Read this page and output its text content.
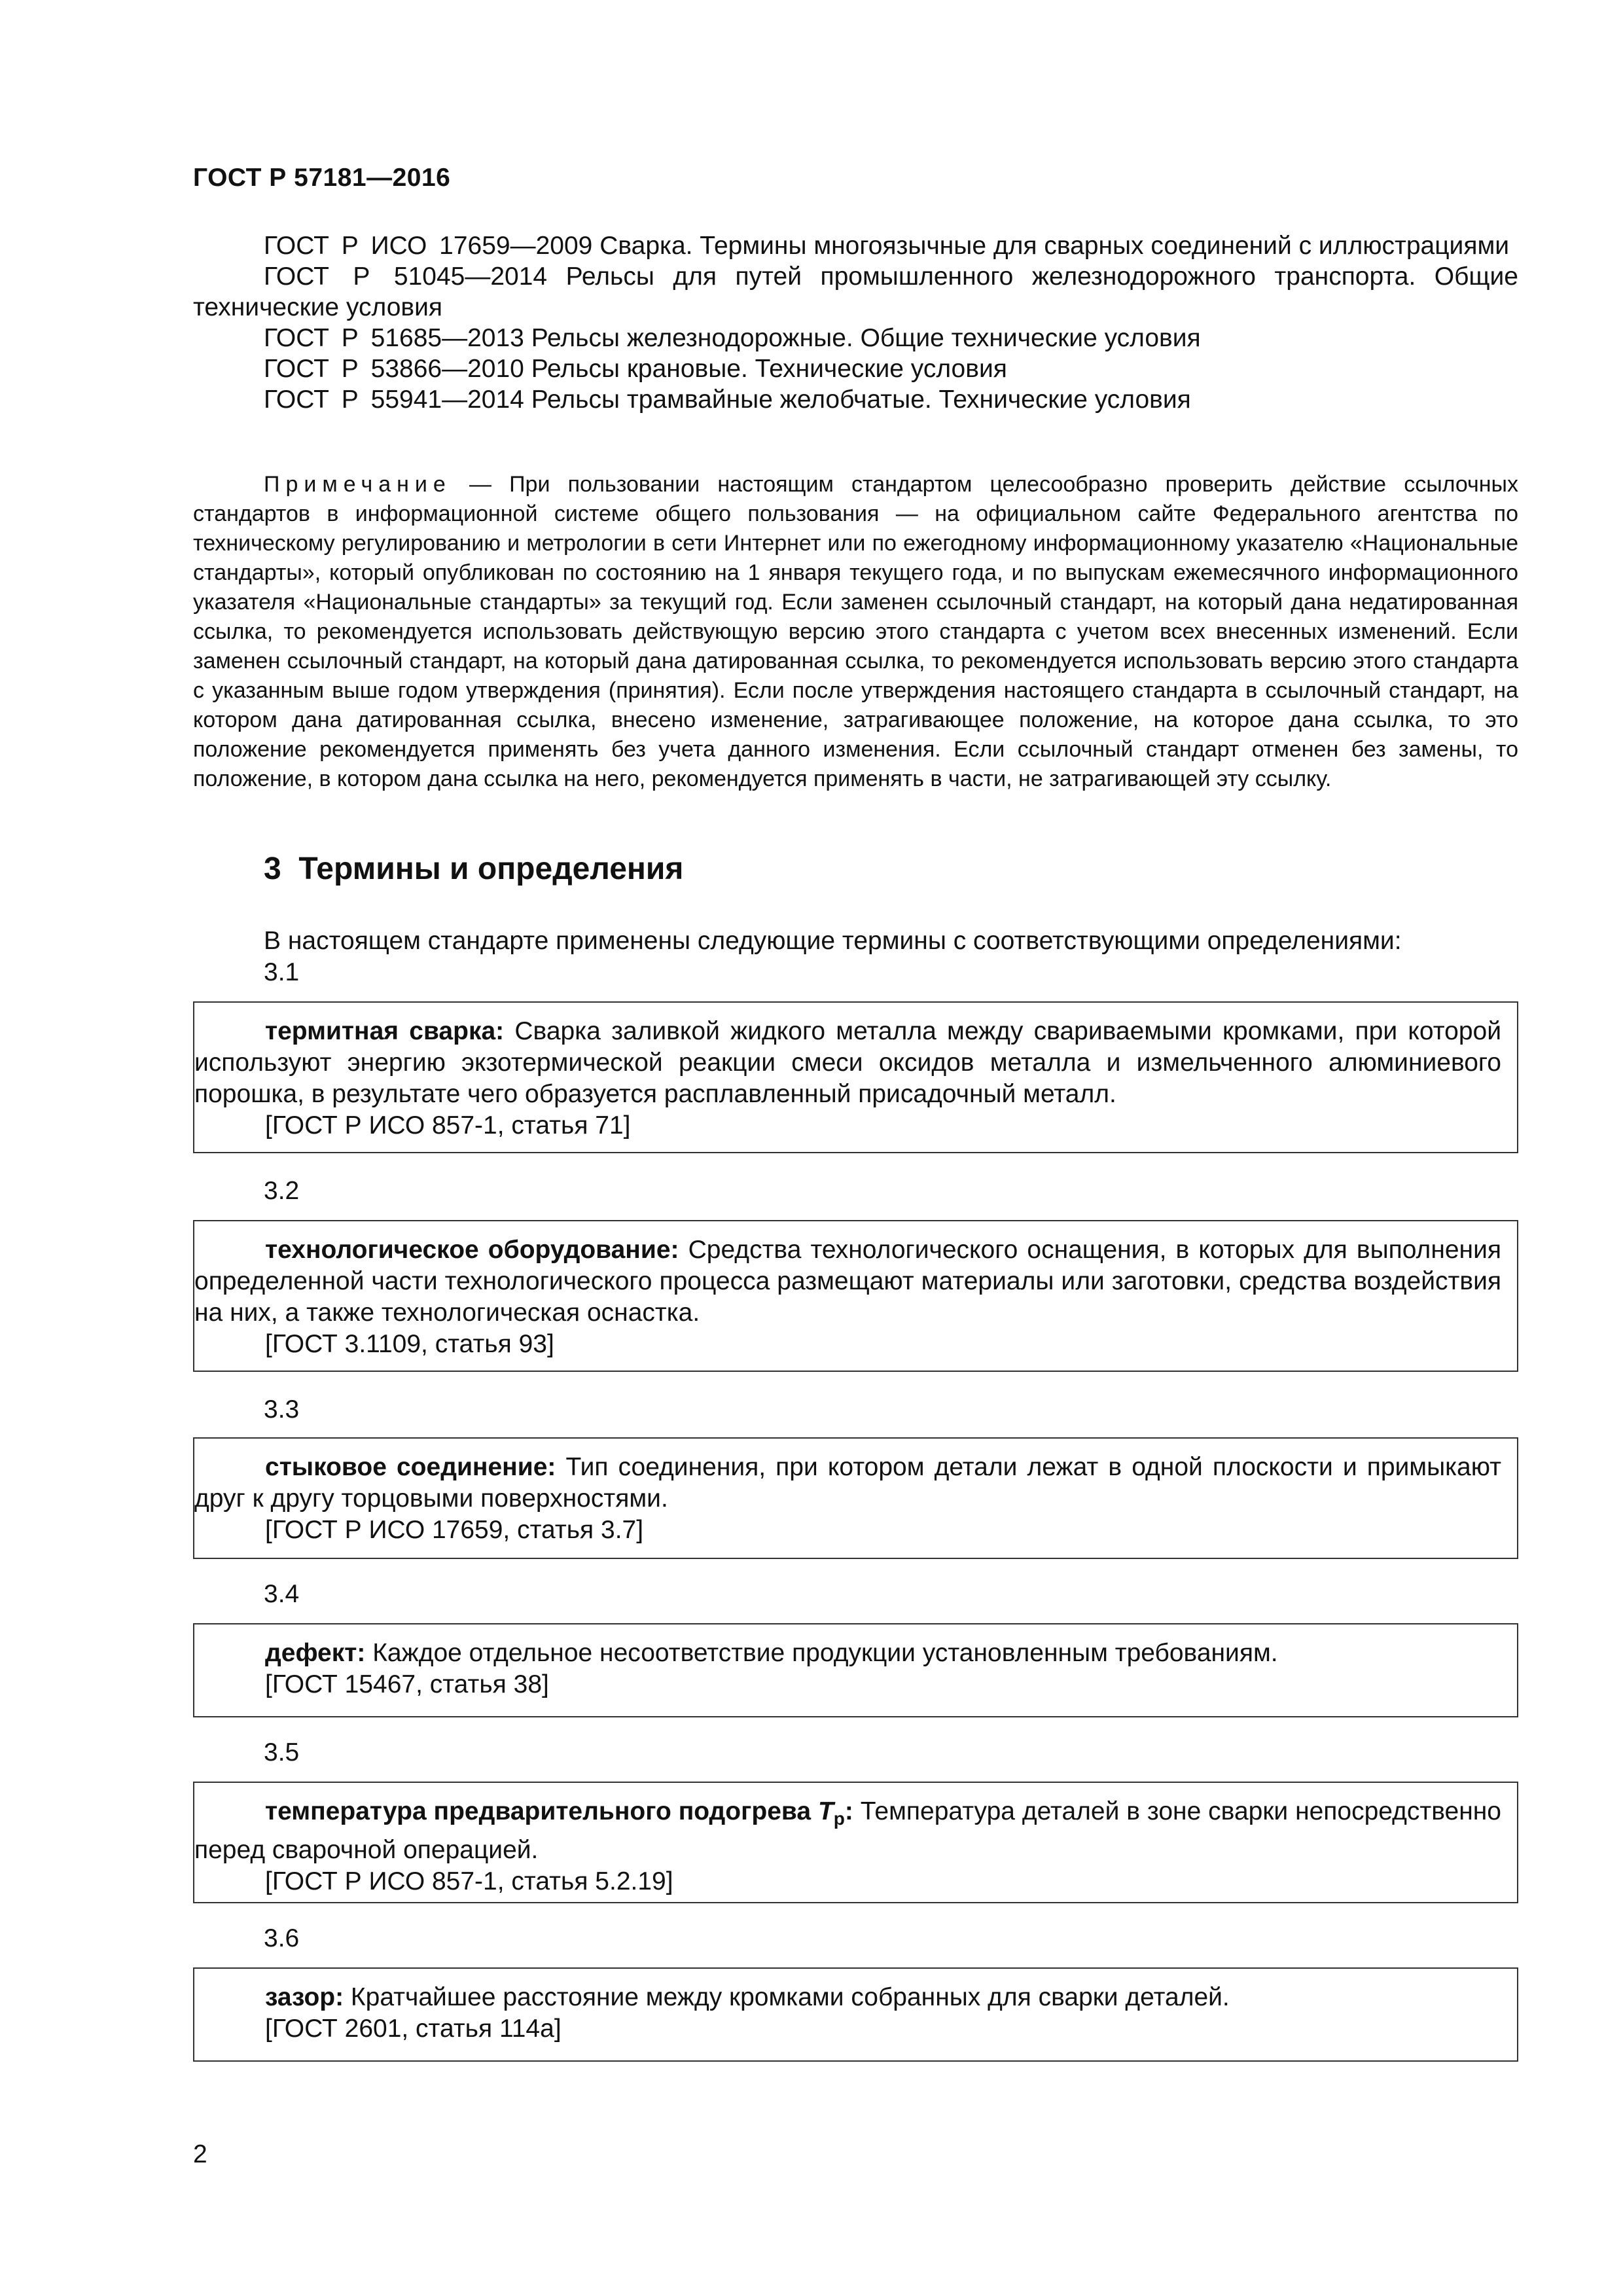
ГОСТ Р 57181—2016

ГОСТ Р ИСО 17659—2009 Сварка. Термины многоязычные для сварных соединений с иллюстрациями

ГОСТ Р 51045—2014 Рельсы для путей промышленного железнодорожного транспорта. Общие технические условия

ГОСТ Р 51685—2013 Рельсы железнодорожные. Общие технические условия

ГОСТ Р 53866—2010 Рельсы крановые. Технические условия

ГОСТ Р 55941—2014 Рельсы трамвайные желобчатые. Технические условия

Примечание — При пользовании настоящим стандартом целесообразно проверить действие ссылочных стандартов в информационной системе общего пользования — на официальном сайте Федерального агентства по техническому регулированию и метрологии в сети Интернет или по ежегодному информационному указателю «Национальные стандарты», который опубликован по состоянию на 1 января текущего года, и по выпускам ежемесячного информационного указателя «Национальные стандарты» за текущий год. Если заменен ссылочный стандарт, на который дана недатированная ссылка, то рекомендуется использовать действующую версию этого стандарта с учетом всех внесенных изменений. Если заменен ссылочный стандарт, на который дана датированная ссылка, то рекомендуется использовать версию этого стандарта с указанным выше годом утверждения (принятия). Если после утверждения настоящего стандарта в ссылочный стандарт, на котором дана датированная ссылка, внесено изменение, затрагивающее положение, на которое дана ссылка, то это положение рекомендуется применять без учета данного изменения. Если ссылочный стандарт отменен без замены, то положение, в котором дана ссылка на него, рекомендуется применять в части, не затрагивающей эту ссылку.

3 Термины и определения

В настоящем стандарте применены следующие термины с соответствующими определениями:

3.1

термитная сварка: Сварка заливкой жидкого металла между свариваемыми кромками, при которой используют энергию экзотермической реакции смеси оксидов металла и измельченного алюминиевого порошка, в результате чего образуется расплавленный присадочный металл.

[ГОСТ Р ИСО 857-1, статья 71]

3.2

технологическое оборудование: Средства технологического оснащения, в которых для выполнения определенной части технологического процесса размещают материалы или заготовки, средства воздействия на них, а также технологическая оснастка.

[ГОСТ 3.1109, статья 93]

3.3

стыковое соединение: Тип соединения, при котором детали лежат в одной плоскости и примыкают друг к другу торцовыми поверхностями.

[ГОСТ Р ИСО 17659, статья 3.7]

3.4

дефект: Каждое отдельное несоответствие продукции установленным требованиям.

[ГОСТ 15467, статья 38]

3.5

температура предварительного подогрева $T_p$: Температура деталей в зоне сварки непосредственно перед сварочной операцией.

[ГОСТ Р ИСО 857-1, статья 5.2.19]

3.6

зазор: Кратчайшее расстояние между кромками собранных для сварки деталей.

[ГОСТ 2601, статья 114а]

2
